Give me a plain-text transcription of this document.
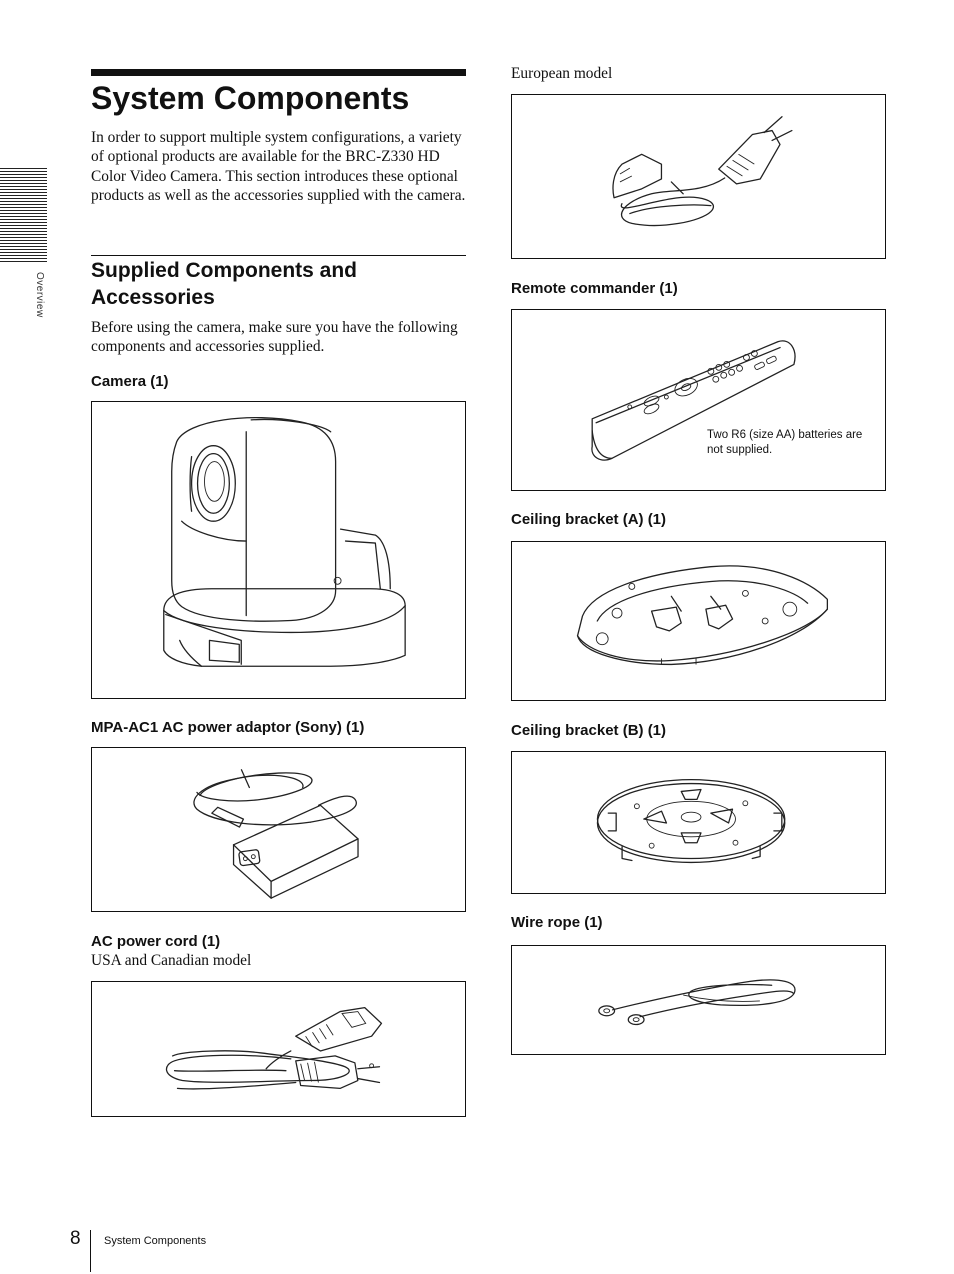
Overview
System Components

In order to support multiple system configurations, a variety of optional products are available for the BRC-Z330 HD Color Video Camera. This section introduces these optional products as well as the accessories supplied with the camera.

Supplied Components and Accessories

Before using the camera, make sure you have the following components and accessories supplied.

Camera (1)
MPA-AC1 AC power adaptor (Sony) (1)
AC power cord (1)
USA and Canadian model
European model
Remote commander (1)
Two R6 (size AA) batteries are not supplied.
Ceiling bracket (A) (1)
Ceiling bracket (B) (1)
Wire rope (1)
8 System Components
